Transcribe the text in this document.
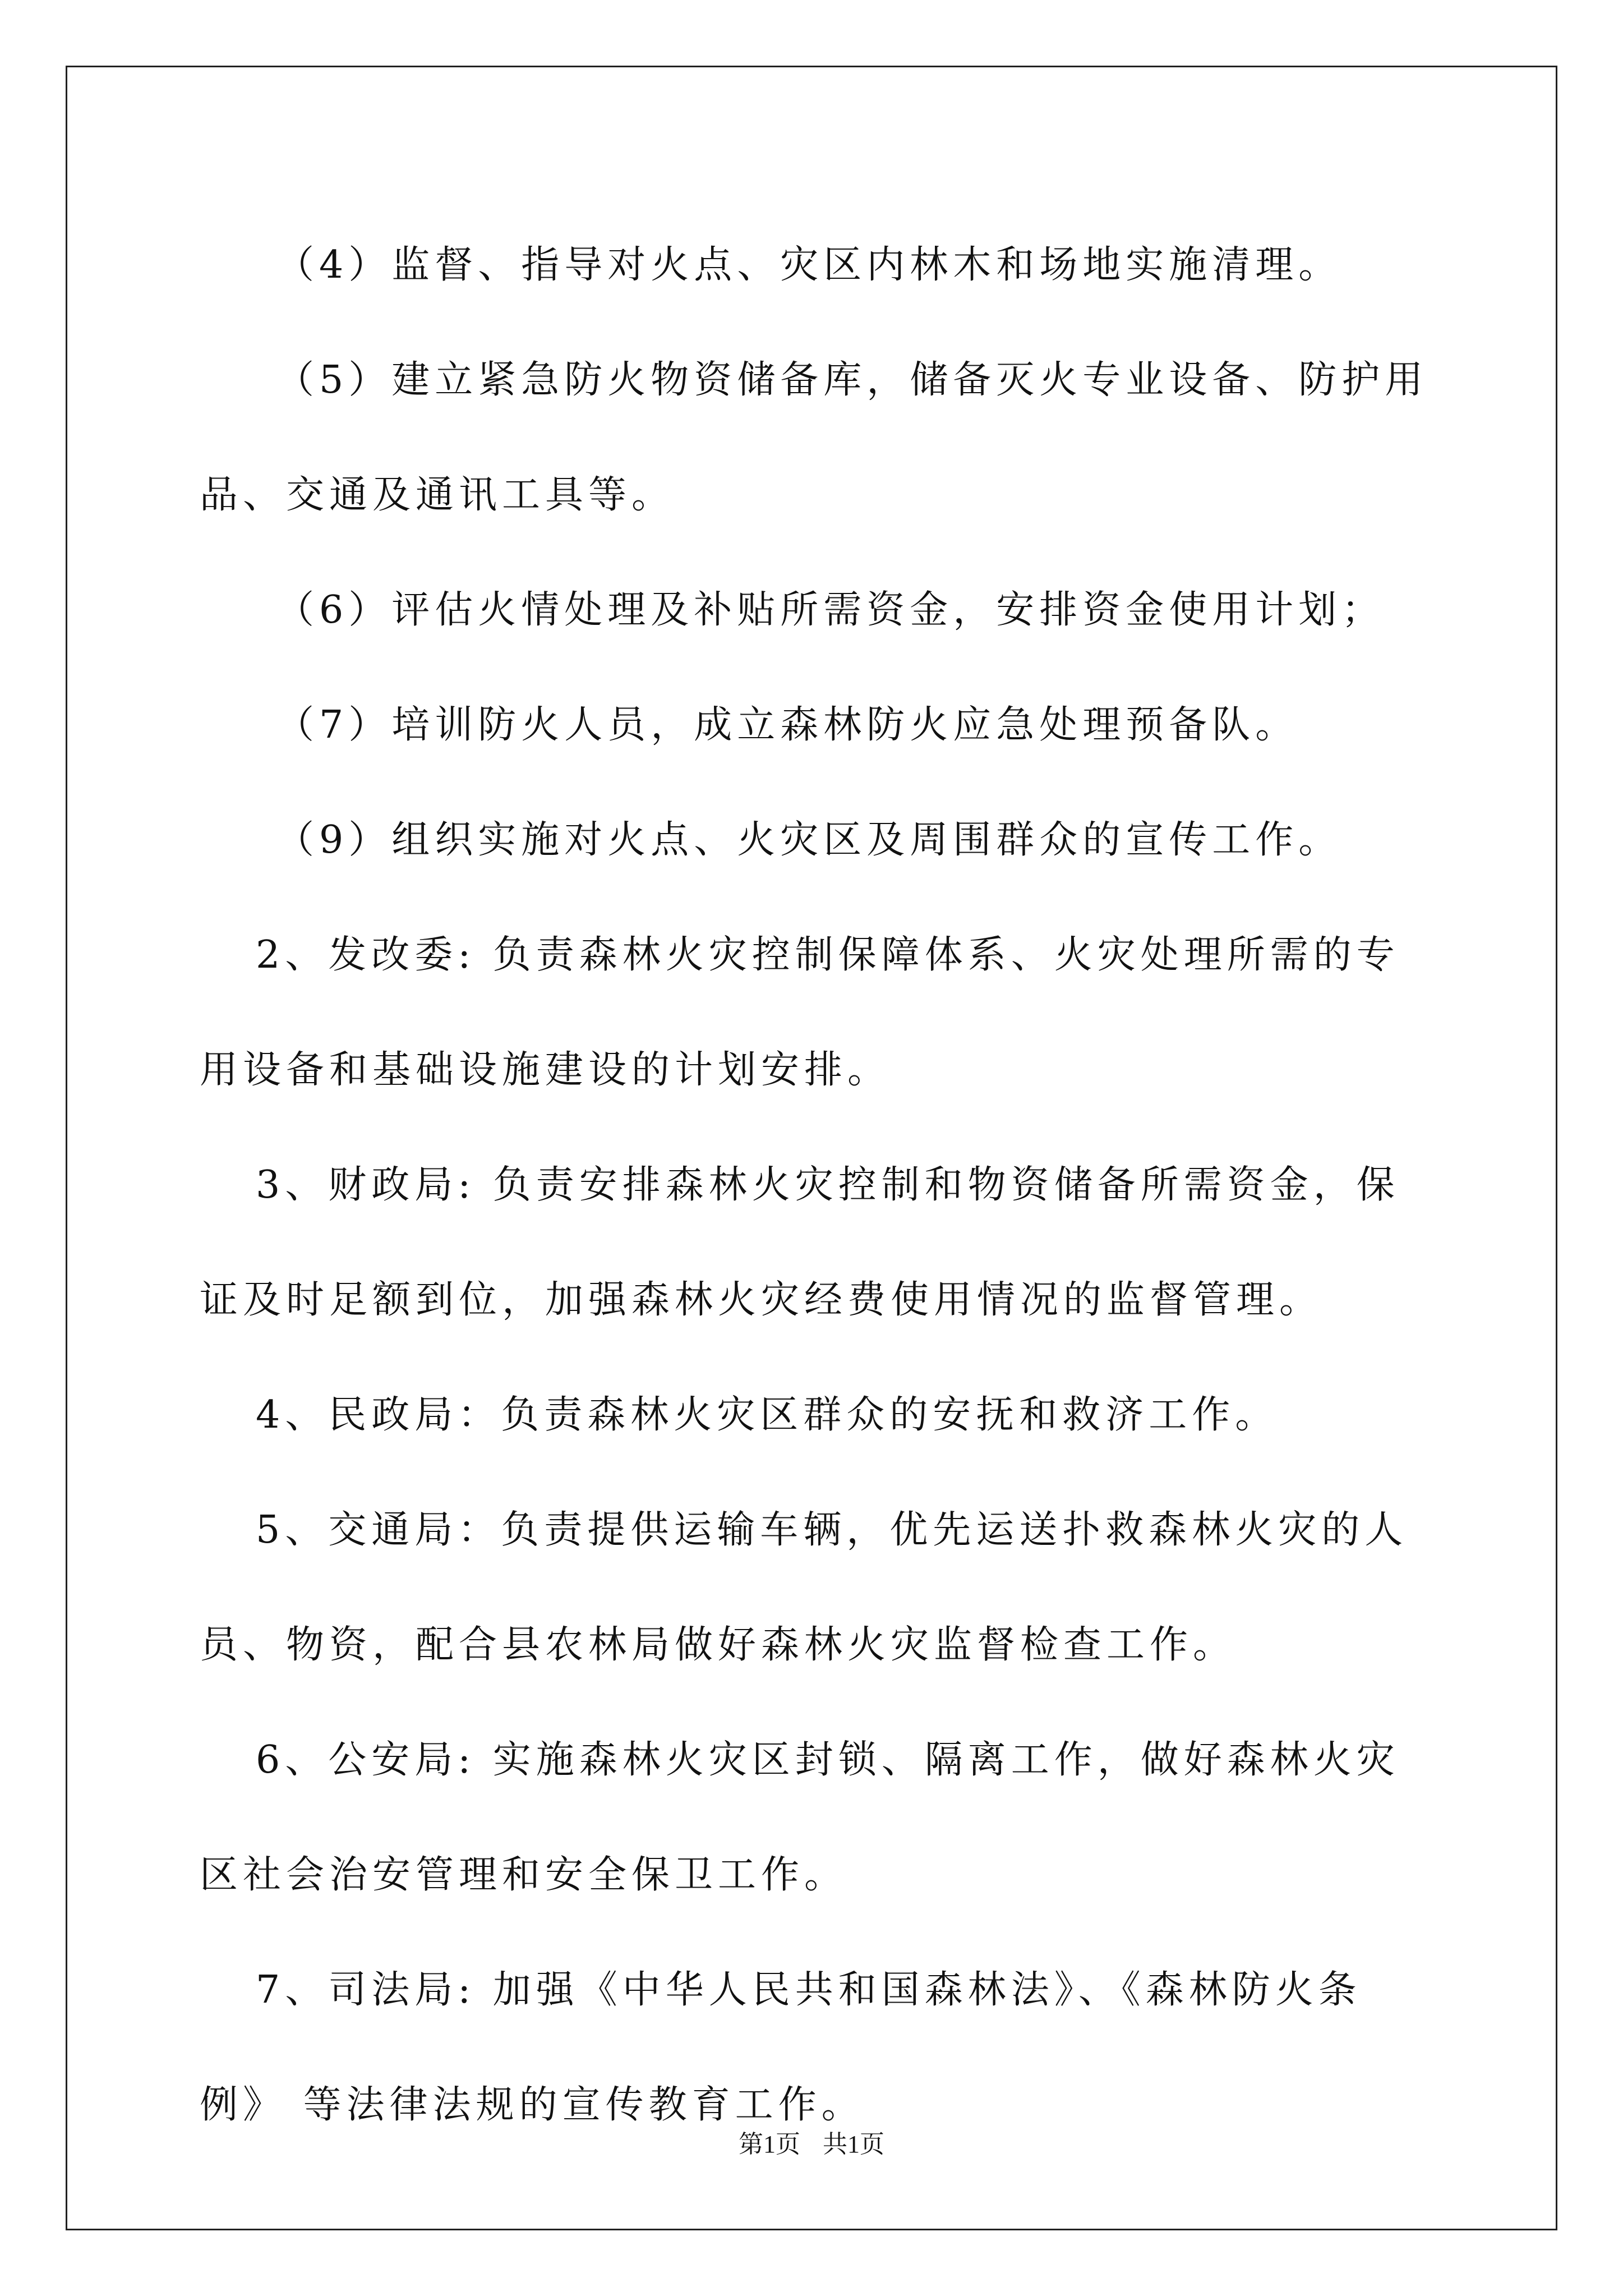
（4）监督、指导对火点、灾区内林木和场地实施清理。

（5）建立紧急防火物资储备库，储备灭火专业设备、防护用品、交通及通讯工具等。

（6）评估火情处理及补贴所需资金，安排资金使用计划；

（7）培训防火人员，成立森林防火应急处理预备队。

（9）组织实施对火点、火灾区及周围群众的宣传工作。

2、发改委: 负责森林火灾控制保障体系、火灾处理所需的专用设备和基础设施建设的计划安排。

3、财政局: 负责安排森林火灾控制和物资储备所需资金，保证及时足额到位，加强森林火灾经费使用情况的监督管理。

4、民政局：负责森林火灾区群众的安抚和救济工作。

5、交通局：负责提供运输车辆，优先运送扑救森林火灾的人员、物资，配合县农林局做好森林火灾监督检查工作。

6、公安局: 实施森林火灾区封锁、隔离工作，做好森林火灾区社会治安管理和安全保卫工作。

7、司法局: 加强《中华人民共和国森林法》、《森林防火条例》 等法律法规的宣传教育工作。

第1页 共1页
